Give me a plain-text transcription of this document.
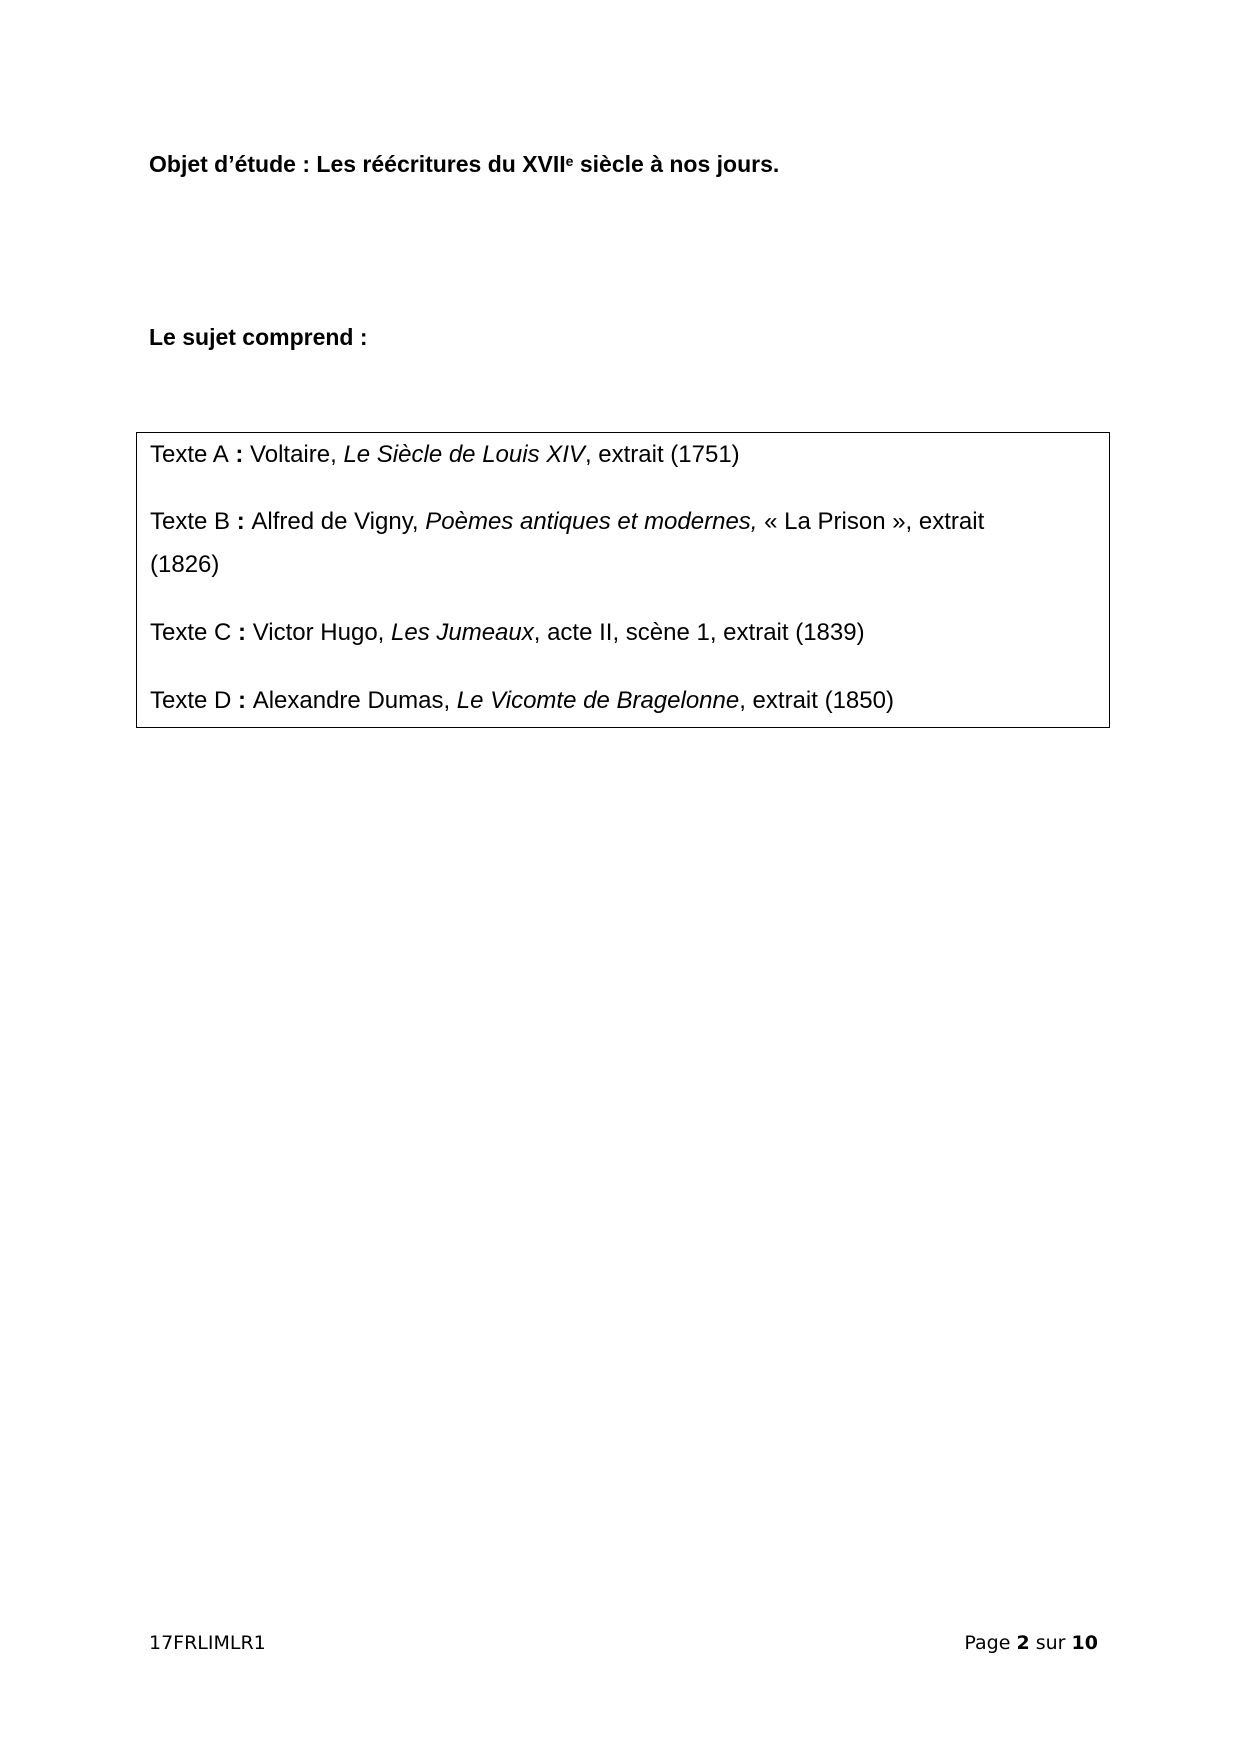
Objet d’étude : Les réécritures du XVIIe siècle à nos jours.
Le sujet comprend :

Texte A : Voltaire, Le Siècle de Louis XIV, extrait (1751)

Texte B : Alfred de Vigny, Poèmes antiques et modernes, « La Prison », extrait (1826)

Texte C : Victor Hugo, Les Jumeaux, acte II, scène 1, extrait (1839)

Texte D : Alexandre Dumas, Le Vicomte de Bragelonne, extrait (1850)

17FRLIMLR1	Page 2 sur 10
